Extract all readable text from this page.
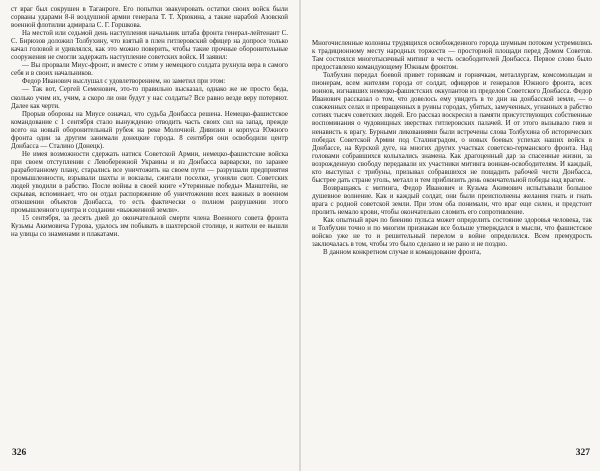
ст враг был сокрушен в Таганроге. Его попытки эвакуировать остатки своих войск были сорваны ударами 8-й воздушной армии генерала Т. Т. Хрюкина, а также нарабой Азовской военной флотилии адмирала С. Г. Горшкова.

На местой или седьмой день наступления начальник штаба фронта генерал-лейтенант С. С. Бирюзов доложил Толбухину, что взятый в плен гитлеровский офицер на допросе только качал головой и удивлялся, как это можно поверить, чтобы такие прочные оборонительные сооружения не смогли задержать наступление советских войск. И заявил:

— Вы прорвали Миус-фронт, и вместе с этим у немецкого солдата рухнула вера в самого себя и в своих начальников.

Федор Иванович выслушал с удовлетворением, но заметил при этом:

— Так вот, Сергей Семенович, это-то правильно высказал, однако же не просто беда, сколько учим их, учим, а скоро ли они будут у нас солдаты? Все равно везде веру потеряют. Далее как черти.

Прорыв обороны на Миусе означал, что судьба Донбасса решена. Немецко-фашистское командование с 1 сентября стало вынужденно отводить часть своих сил на запад, прежде всего на новый оборонительный рубеж на реке Молочной. Дивизии и корпуса Южного фронта один за другим занимали донецкие города. 8 сентября они освободили центр Донбасса — Сталино (Донецк).

Не имея возможности сдержать натиск Советской Армии, немецко-фашистские войска при своем отступлении с Левобережной Украины и из Донбасса варварски, по заранее разработанному плану, старались все уничтожить на своем пути — разрушали предприятия промышленности, взрывали шахты и вокзалы, сжигали поселки, угоняли скот. Советских людей уводили в рабство. После войны в своей книге «Утерянные победы» Манштейн, не скрывая, вспоминает, что он отдал распоряжение об уничтожении всех важных в военном отношении объектов Донбасса, то есть фактически о полном разрушении этого промышленного центра и создании «выжженной земли».

15 сентября, за десять дней до окончательной смерти члена Военного совета фронта Кузьмы Акимовича Гурова, удалось им побывать в шахтерской столице, и жители ее вышли на улицы со знаменами и плакатами.

326

Многочисленные колонны трудящихся освобожденного города шумным потоком устремились к традиционному месту народных торжеств — просторной площади перед Домом Советов. Там состоялся многотысячный митинг в честь освободителей Донбасса. Первое слово было предоставлено командующему Южным фронтом.

Толбухин передал боевой привет горнякам и горнячкам, металлургам, комсомольцам и пионерам, всем жителям города от солдат, офицеров и генералов Южного фронта, всех воинов, изгнавших немецко-фашистских оккупантов из пределов Советского Донбасса. Федор Иванович рассказал о том, что довелось ему увидеть в те дни на донбасской земле, — о сожженных селах и превращенных в руины городах, убитых, замученных, угнанных в рабство сотнях тысяч советских людей. Его рассказ воскресил в памяти присутствующих собственные воспоминания о чудовищных зверствах гитлеровских палачей. И от этого вызывало гнев и ненависть к врагу. Бурными ликованиями были встречены слова Толбухина об исторических победах Советской Армии под Сталинградом, о новых боевых успехах наших войск в Донбассе, на Курской дуге, на многих других участках советско-германского фронта. Над головами собравшихся колыхались знамена. Как драгоценный дар за спасенные жизни, за возрожденную свободу передавали их участники митинга воинам-освободителям. И каждый, кто выступал с трибуны, призывал собравшихся не пощадить рабочей чести Донбасса, быстрее дать стране уголь, металл и тем приблизить день окончательной победы над врагом.

Возвращаясь с митинга, Федор Иванович и Кузьма Акимович испытывали большое душевное волнение. Как и каждый солдат, они были преисполнены желания гнать и гнать врага с родной советской земли. При этом оба понимали, что враг еще силен, и предстоит пролить немало крови, чтобы окончательно сломить его сопротивление.

Как опытный врач по биению пульса может определить состояние здоровья человека, так и Толбухин точно и по многим признакам все больше утверждался в мысли, что фашистское войско уже не то и решительный перелом в войне определился. Всем премудрость заключалась в том, чтобы это было сделано и не рано и не поздно.

В данном конкретном случае и командование фронта,

327
